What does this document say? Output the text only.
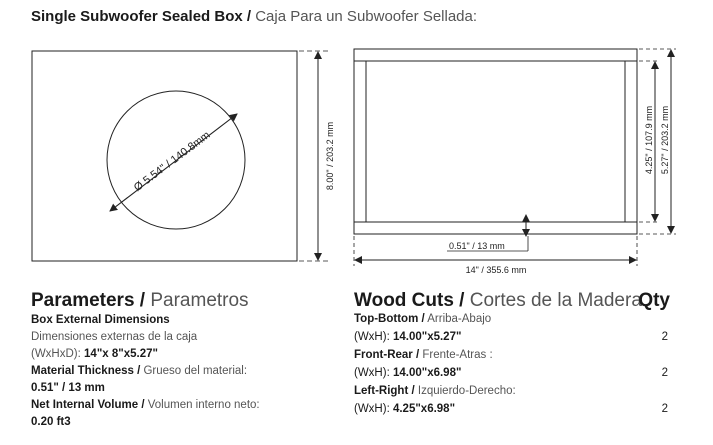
Single Subwoofer Sealed Box / Caja Para un Subwoofer Sellada:
Ø 5.54" / 140.8mm	8.00" / 203.2 mm
0.51" / 13 mm
14" / 355.6 mm
4.25" / 107.9 mm 5.27" / 203.2 mm
Parameters / Parametros
Box External Dimensions
Dimensiones externas de la caja
(WxHxD): 14"x 8"x5.27"
Material Thickness / Grueso del material:
0.51" / 13 mm
Net Internal Volume / Volumen interno neto:
0.20 ft3
Wood Cuts / Cortes de la Madera
Qty
Top-Bottom / Arriba-Abajo
(WxH): 14.00"x5.27"	2
Front-Rear / Frente-Atras :
(WxH): 14.00"x6.98"	2
Left-Right / Izquierdo-Derecho:
(WxH): 4.25"x6.98"	2
